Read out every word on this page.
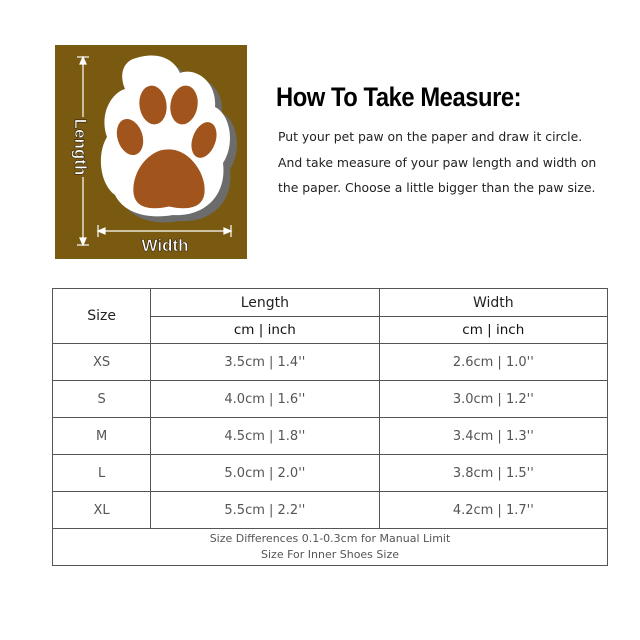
Length
Width
How To Take Measure:
Put your pet paw on the paper and draw it circle. And take measure of your paw length and width on the paper. Choose a little bigger than the paw size.
Size	Length	Width
	cm | inch	cm | inch
XS	3.5cm | 1.4''	2.6cm | 1.0''
S	4.0cm | 1.6''	3.0cm | 1.2''
M	4.5cm | 1.8''	3.4cm | 1.3''
L	5.0cm | 2.0''	3.8cm | 1.5''
XL	5.5cm | 2.2''	4.2cm | 1.7''

Size Differences 0.1-0.3cm for Manual Limit
Size For Inner Shoes Size		
